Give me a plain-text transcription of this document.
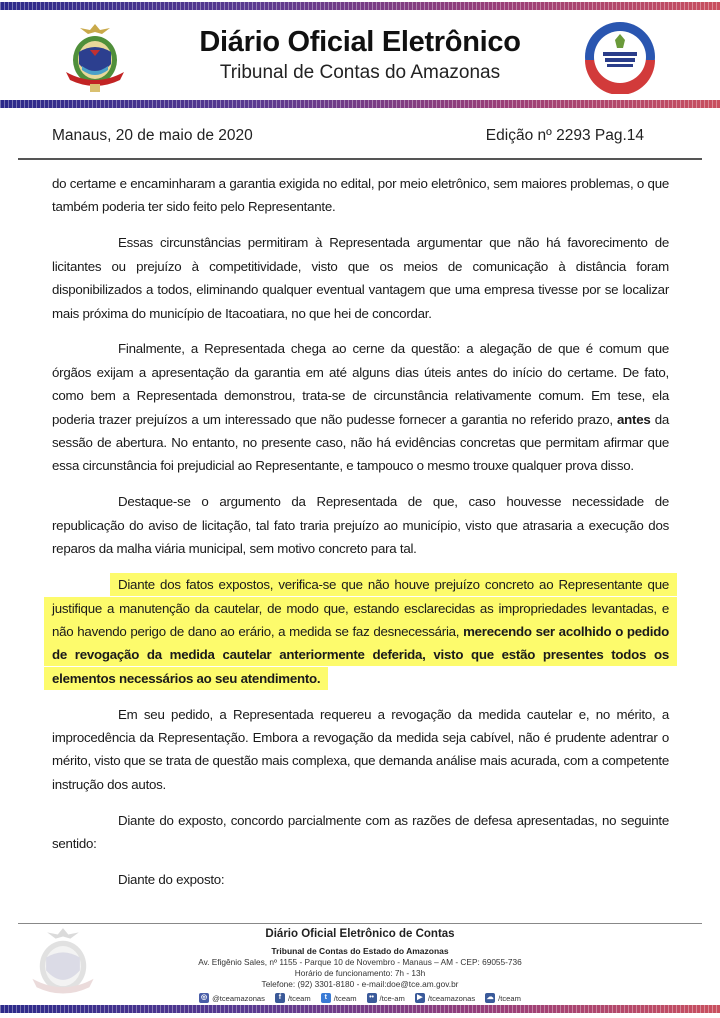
Diário Oficial Eletrônico
Tribunal de Contas do Amazonas
Manaus, 20 de maio de 2020	Edição nº 2293 Pag.14

do certame e encaminharam a garantia exigida no edital, por meio eletrônico, sem maiores problemas, o que também poderia ter sido feito pelo Representante.

Essas circunstâncias permitiram à Representada argumentar que não há favorecimento de licitantes ou prejuízo à competitividade, visto que os meios de comunicação à distância foram disponibilizados a todos, eliminando qualquer eventual vantagem que uma empresa tivesse por se localizar mais próxima do município de Itacoatiara, no que hei de concordar.

Finalmente, a Representada chega ao cerne da questão: a alegação de que é comum que órgãos exijam a apresentação da garantia em até alguns dias úteis antes do início do certame. De fato, como bem a Representada demonstrou, trata-se de circunstância relativamente comum. Em tese, ela poderia trazer prejuízos a um interessado que não pudesse fornecer a garantia no referido prazo, antes da sessão de abertura. No entanto, no presente caso, não há evidências concretas que permitam afirmar que essa circunstância foi prejudicial ao Representante, e tampouco o mesmo trouxe qualquer prova disso.

Destaque-se o argumento da Representada de que, caso houvesse necessidade de republicação do aviso de licitação, tal fato traria prejuízo ao município, visto que atrasaria a execução dos reparos da malha viária municipal, sem motivo concreto para tal.

Diante dos fatos expostos, verifica-se que não houve prejuízo concreto ao Representante que justifique a manutenção da cautelar, de modo que, estando esclarecidas as impropriedades levantadas, e não havendo perigo de dano ao erário, a medida se faz desnecessária, merecendo ser acolhido o pedido de revogação da medida cautelar anteriormente deferida, visto que estão presentes todos os elementos necessários ao seu atendimento.

Em seu pedido, a Representada requereu a revogação da medida cautelar e, no mérito, a improcedência da Representação. Embora a revogação da medida seja cabível, não é prudente adentrar o mérito, visto que se trata de questão mais complexa, que demanda análise mais acurada, com a competente instrução dos autos.

Diante do exposto, concordo parcialmente com as razões de defesa apresentadas, no seguinte sentido:

Diante do exposto:

Diário Oficial Eletrônico de Contas
Tribunal de Contas do Estado do Amazonas
Av. Efigênio Sales, nº 1155 - Parque 10 de Novembro - Manaus – AM - CEP: 69055-736
Horário de funcionamento: 7h - 13h
Telefone: (92) 3301-8180 - e-mail:doe@tce.am.gov.br
◎ @tceamazonas	f /tceam	t /tceam	•• /tce-am	▶ /tceamazonas ☁ /tceam
